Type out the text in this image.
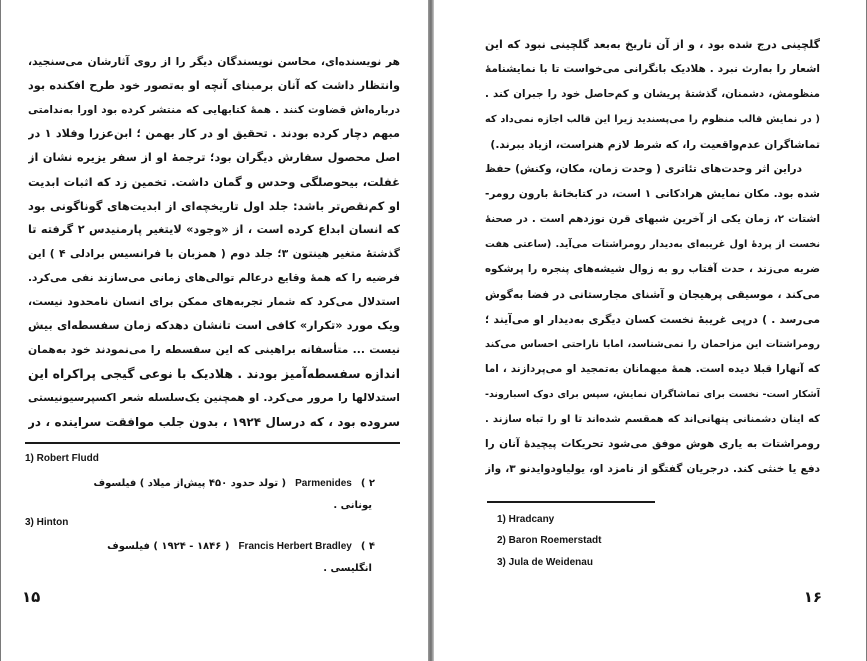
هر نویسنده‌ای، محاسن نویسندگان دیگر را از روی آثارشان می‌سنجید،
وانتظار داشت که آنان برمبنای آنچه او به‌تصور خود طرح افکنده بود
درباره‌اش قضاوت کنند . همهٔ کتابهایی که منتشر کرده بود اورا به‌ندامتی
مبهم دچار کرده بودند . تحقیق او در کار بهمن ؛ ابن‌عزرا وفلاد ۱ در
اصل محصول سفارش دیگران بود؛ ترجمهٔ او از سفر یزیره نشان از
غفلت، بیحوصلگی وحدس و گمان داشت. تخمین زد که اثبات ابدیت
او کم‌نقص‌تر باشد: جلد اول تاریخچه‌ای از ابدیت‌های گوناگونی بود
که انسان ابداع کرده است ، از «وجود» لایتغیر پارمنیدس ۲ گرفته تا
گذشتهٔ متغیر هینتون ۳؛ جلد دوم ( همزبان با فرانسیس برادلی ۴ ) این
فرضیه را که همهٔ وقایع درعالم توالی‌های زمانی می‌سازند نفی می‌کرد.
استدلال می‌کرد که شمار تجربه‌های ممکن برای انسان نامحدود نیست،
ویک مورد «تکرار» کافی است تانشان دهدکه زمان سفسطه‌ای بیش
نیست ... متأسفانه براهینی که این سفسطه را می‌نمودند خود به‌همان
اندازه سفسطه‌آمیز بودند . هلادیک با نوعی گیجی پراکراه این
استدلالها را مرور می‌کرد. او همچنین یک‌سلسله شعر اکسپرسیونیستی
سروده بود ، که درسال ۱۹۲۴ ، بدون جلب موافقت سراینده ، در
1) Robert Fludd
۲ )Parmenides( تولد حدود ۴۵۰ پیش‌از میلاد ) فیلسوف
یونانی .
3) Hinton
۴ )Francis Herbert Bradley( ۱۸۴۶ - ۱۹۲۴ ) فیلسوف
انگلیسی .
۱۵
گلچینی درج شده بود ، و از آن تاریخ به‌بعد گلچینی نبود که این
اشعار را به‌ارث نبرد . هلادیک بانگرانی می‌خواست تا با نمایشنامهٔ
منظومش، دشمنان، گذشتهٔ پریشان و کم‌حاصل خود را جبران کند .
( در نمایش قالب منظوم را می‌پسندید زیرا این قالب اجازه نمی‌داد که
تماشاگران عدم‌واقعیت را، که شرط لازم هنراست، ازیاد ببرند.)
دراین اثر وحدت‌های تئاتری ( وحدت زمان، مکان، وکنش) حفظ
شده بود. مکان نمایش هرادکانی ۱ است، در کتابخانهٔ بارون رومر-
اشتات ۲، زمان یکی از آخرین شبهای قرن نوزدهم است . در صحنهٔ
نخست از پردهٔ اول غریبه‌ای به‌دیدار رومراشتات می‌آید. (ساعتی هفت
ضربه می‌زند ، حدت آفتاب رو به زوال شیشه‌های پنجره را پرشکوه
می‌کند ، موسیقی پرهیجان و آشنای مجارستانی در فضا به‌گوش
می‌رسد . ) درپی غریبهٔ نخست کسان دیگری به‌دیدار او می‌آیند ؛
رومراشتات این مزاحمان را نمی‌شناسد، امابا ناراحتی احساس می‌کند
که آنهارا قبلا دیده است. همهٔ میهمانان به‌تمجید او می‌پردازند ، اما
آشکار است- نخست برای تماشاگران نمایش، سپس برای دوک اسباروند-
که اینان دشمنانی پنهانی‌اند که همقسم شده‌اند تا او را تباه سازند .
رومراشتات به یاری هوش موفق می‌شود تحریکات پیچیدهٔ آنان را
دفع یا خنثی کند. درجریان گفتگو از نامزد او، یولیاودوایدنو ۳، واز
1) Hradcany
2) Baron Roemerstadt
3) Jula de Weidenau
۱۶
